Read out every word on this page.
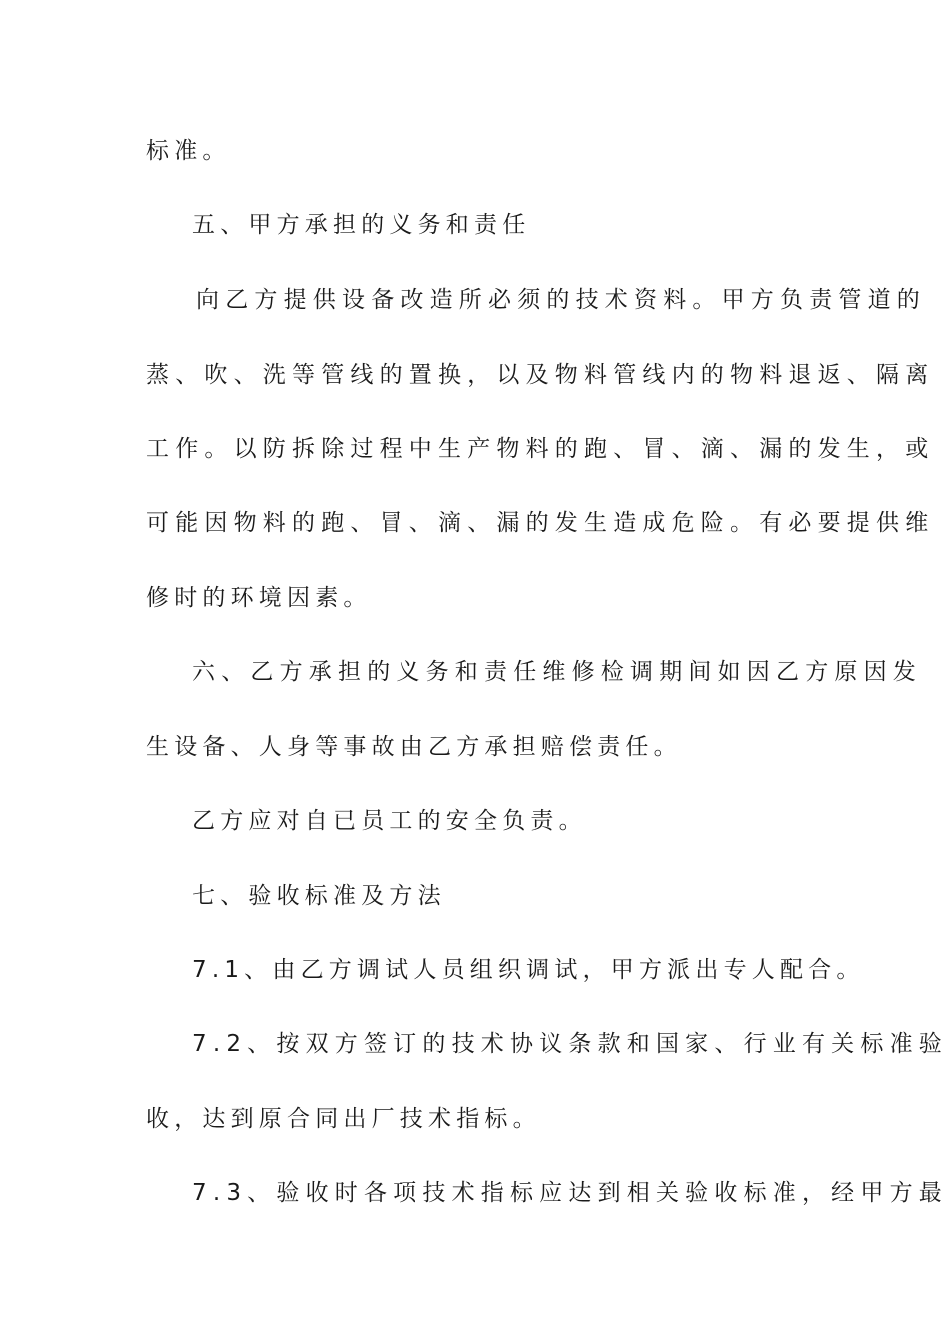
标准。
五、甲方承担的义务和责任
向乙方提供设备改造所必须的技术资料。甲方负责管道的
蒸、吹、洗等管线的置换，以及物料管线内的物料退返、隔离
工作。以防拆除过程中生产物料的跑、冒、滴、漏的发生，或
可能因物料的跑、冒、滴、漏的发生造成危险。有必要提供维
修时的环境因素。
六、乙方承担的义务和责任维修检调期间如因乙方原因发
生设备、人身等事故由乙方承担赔偿责任。
乙方应对自已员工的安全负责。
七、验收标准及方法
7.1、由乙方调试人员组织调试，甲方派出专人配合。
7.2、按双方签订的技术协议条款和国家、行业有关标准验
收，达到原合同出厂技术指标。
7.3、验收时各项技术指标应达到相关验收标准，经甲方最
